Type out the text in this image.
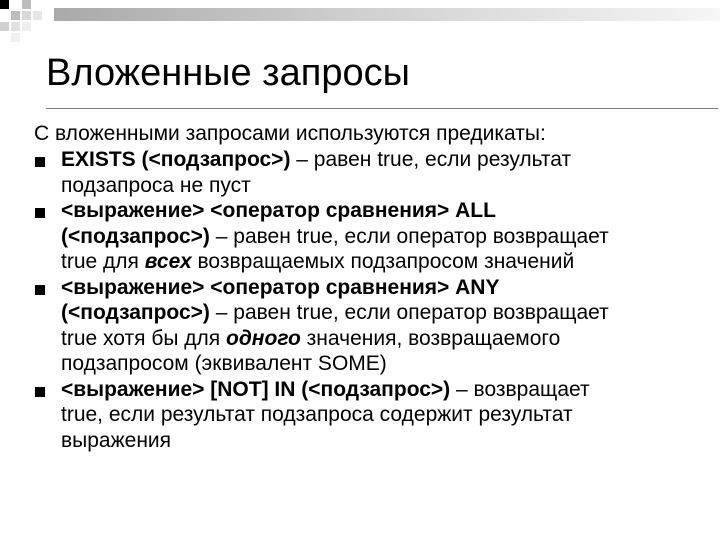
Вложенные запросы

С вложенными запросами используются предикаты:

EXISTS (<подзапрос>) – равен true, если результат
подзапроса не пуст
<выражение> <оператор сравнения> ALL
(<подзапрос>) – равен true, если оператор возвращает
true для всех возвращаемых подзапросом значений
<выражение> <оператор сравнения> ANY
(<подзапрос>) – равен true, если оператор возвращает
true хотя бы для одного значения, возвращаемого
подзапросом (эквивалент SOME)
<выражение> [NOT] IN (<подзапрос>) – возвращает
true, если результат подзапроса содержит результат
выражения
